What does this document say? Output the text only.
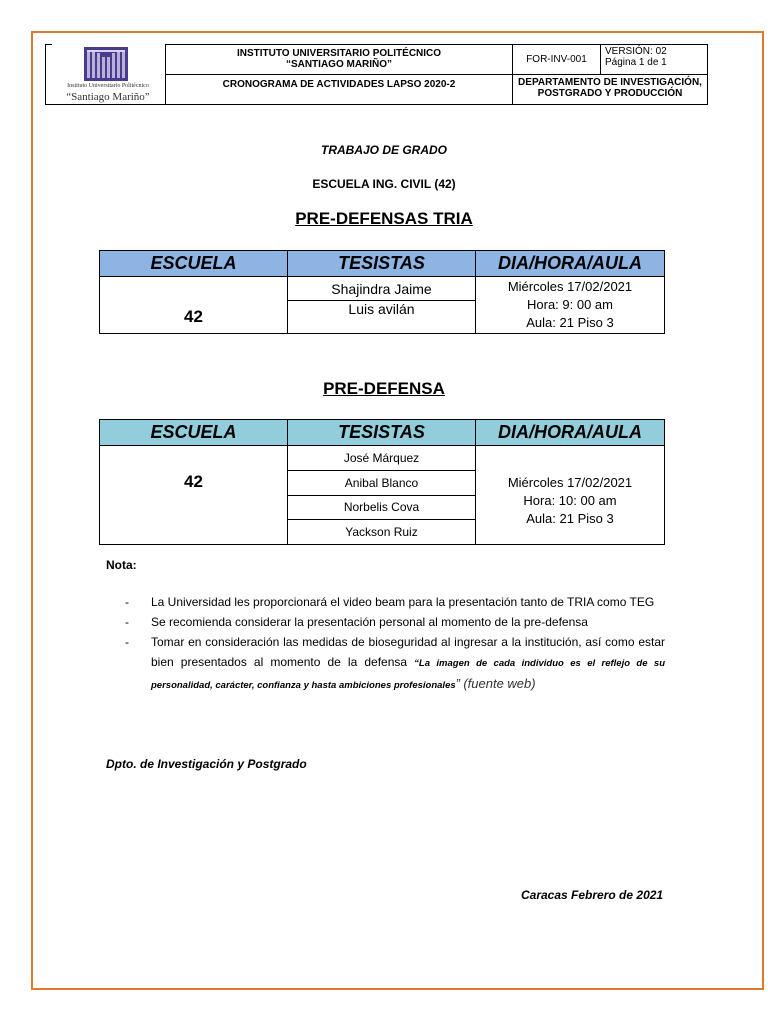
Instituto Universitario Politécnico
“Santiago Mariño”
INSTITUTO UNIVERSITARIO POLITÉCNICO
“SANTIAGO MARIÑO”
CRONOGRAMA DE ACTIVIDADES LAPSO 2020-2
FOR-INV-001
VERSIÓN: 02
Página 1 de 1
DEPARTAMENTO DE INVESTIGACIÓN,
POSTGRADO Y PRODUCCIÓN
TRABAJO DE GRADO
ESCUELA ING. CIVIL (42)
PRE-DEFENSAS TRIA
ESCUELA	TESISTAS	DIA/HORA/AULA
42	Shajindra Jaime	Miércoles 17/02/2021
Hora: 9: 00 am
Aula: 21 Piso 3

	Luis avilán	
PRE-DEFENSA
ESCUELA	TESISTAS	DIA/HORA/AULA
42	José Márquez	Miércoles 17/02/2021
Hora: 10: 00 am
Aula: 21 Piso 3

	Anibal Blanco	
	Norbelis Cova	
	Yackson Ruiz	
Nota:
- La Universidad les proporcionará el video beam para la presentación tanto de TRIA como TEG
- Se recomienda considerar la presentación personal al momento de la pre-defensa
- Tomar en consideración las medidas de bioseguridad al ingresar a la institución, así como estar bien presentados al momento de la defensa “La imagen de cada individuo es el reflejo de su personalidad, carácter, confianza y hasta ambiciones profesionales” (fuente web)
Dpto. de Investigación y Postgrado
Caracas Febrero de 2021
